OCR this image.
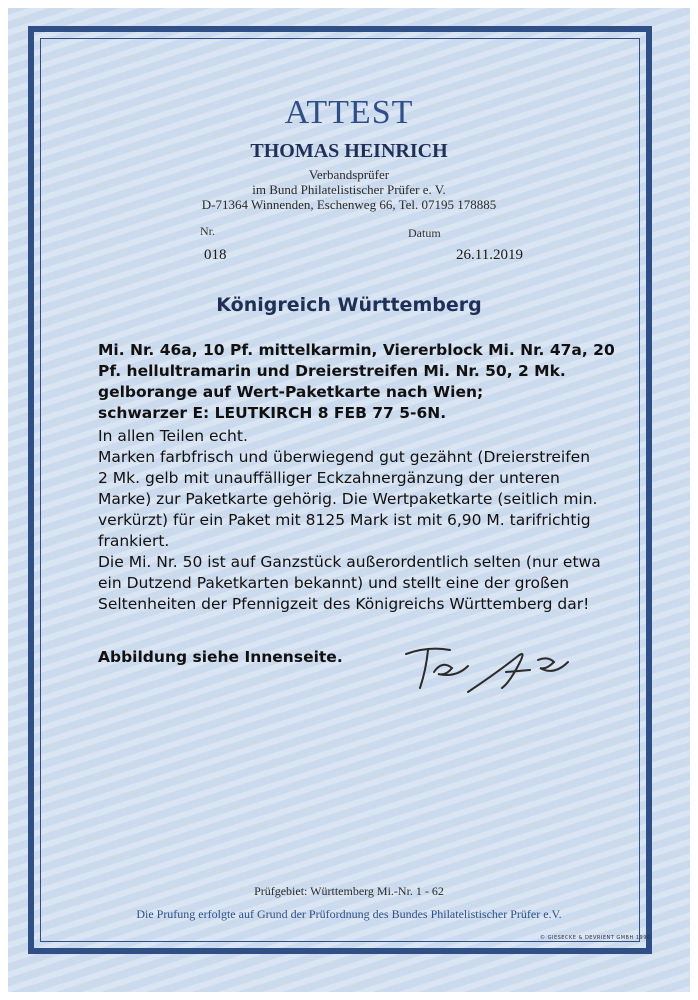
ATTEST
THOMAS HEINRICH
Verbandsprüfer
im Bund Philatelistischer Prüfer e. V.
D-71364 Winnenden, Eschenweg 66, Tel. 07195 178885
Nr.
018
Datum
26.11.2019
Königreich Württemberg
Mi. Nr. 46a, 10 Pf. mittelkarmin, Viererblock Mi. Nr. 47a, 20
Pf. hellultramarin und Dreierstreifen Mi. Nr. 50, 2 Mk.
gelborange auf Wert-Paketkarte nach Wien;
schwarzer E: LEUTKIRCH 8 FEB 77 5-6N.
In allen Teilen echt.
Marken farbfrisch und überwiegend gut gezähnt (Dreierstreifen
2 Mk. gelb mit unauffälliger Eckzahnergänzung der unteren
Marke) zur Paketkarte gehörig. Die Wertpaketkarte (seitlich min.
verkürzt) für ein Paket mit 8125 Mark ist mit 6,90 M. tarifrichtig
frankiert.
Die Mi. Nr. 50 ist auf Ganzstück außerordentlich selten (nur etwa
ein Dutzend Paketkarten bekannt) und stellt eine der großen
Seltenheiten der Pfennigzeit des Königreichs Württemberg dar!
Abbildung siehe Innenseite.
Prüfgebiet: Württemberg Mi.-Nr. 1 - 62
Die Prufung erfolgte auf Grund der Prüfordnung des Bundes Philatelistischer Prüfer e.V.
© GIESECKE & DEVRIENT GMBH 1990
